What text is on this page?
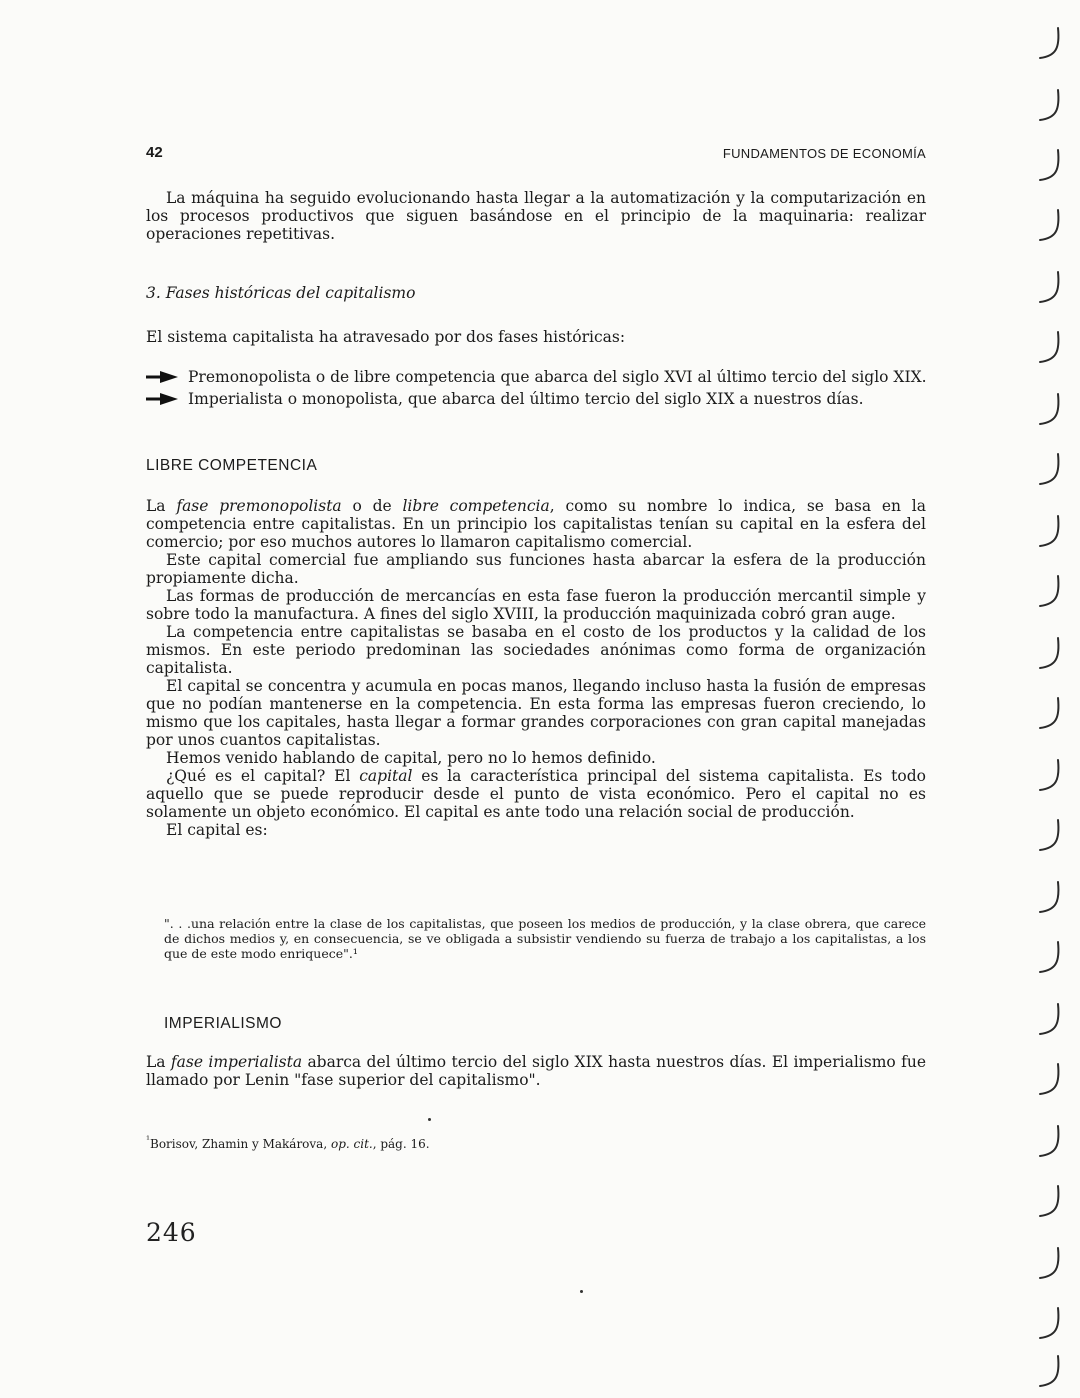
42	FUNDAMENTOS DE ECONOMÍA
La máquina ha seguido evolucionando hasta llegar a la automatización y la computarización en los procesos productivos que siguen basándose en el principio de la maquinaria: realizar operaciones repetitivas.
3. Fases históricas del capitalismo
El sistema capitalista ha atravesado por dos fases históricas:
Premonopolista o de libre competencia que abarca del siglo XVI al último tercio del siglo XIX.
Imperialista o monopolista, que abarca del último tercio del siglo XIX a nuestros días.
LIBRE COMPETENCIA

La fase premonopolista o de libre competencia, como su nombre lo indica, se basa en la competencia entre capitalistas. En un principio los capitalistas tenían su capital en la esfera del comercio; por eso muchos autores lo llamaron capitalismo comercial.

Este capital comercial fue ampliando sus funciones hasta abarcar la esfera de la producción propiamente dicha.

Las formas de producción de mercancías en esta fase fueron la producción mercantil simple y sobre todo la manufactura. A fines del siglo XVIII, la producción maquinizada cobró gran auge.

La competencia entre capitalistas se basaba en el costo de los productos y la calidad de los mismos. En este periodo predominan las sociedades anónimas como forma de organización capitalista.

El capital se concentra y acumula en pocas manos, llegando incluso hasta la fusión de empresas que no podían mantenerse en la competencia. En esta forma las empresas fueron creciendo, lo mismo que los capitales, hasta llegar a formar grandes corporaciones con gran capital manejadas por unos cuantos capitalistas.

Hemos venido hablando de capital, pero no lo hemos definido.

¿Qué es el capital? El capital es la característica principal del sistema capitalista. Es todo aquello que se puede reproducir desde el punto de vista económico. Pero el capital no es solamente un objeto económico. El capital es ante todo una relación social de producción.

El capital es:

". . .una relación entre la clase de los capitalistas, que poseen los medios de producción, y la clase obrera, que carece de dichos medios y, en consecuencia, se ve obligada a subsistir vendiendo su fuerza de trabajo a los capitalistas, a los que de este modo enriquece".¹
IMPERIALISMO
La fase imperialista abarca del último tercio del siglo XIX hasta nuestros días. El imperialismo fue llamado por Lenin "fase superior del capitalismo".
$^{^1}$Borisov, Zhamin y Makárova, op. cit., pág. 16.
246
